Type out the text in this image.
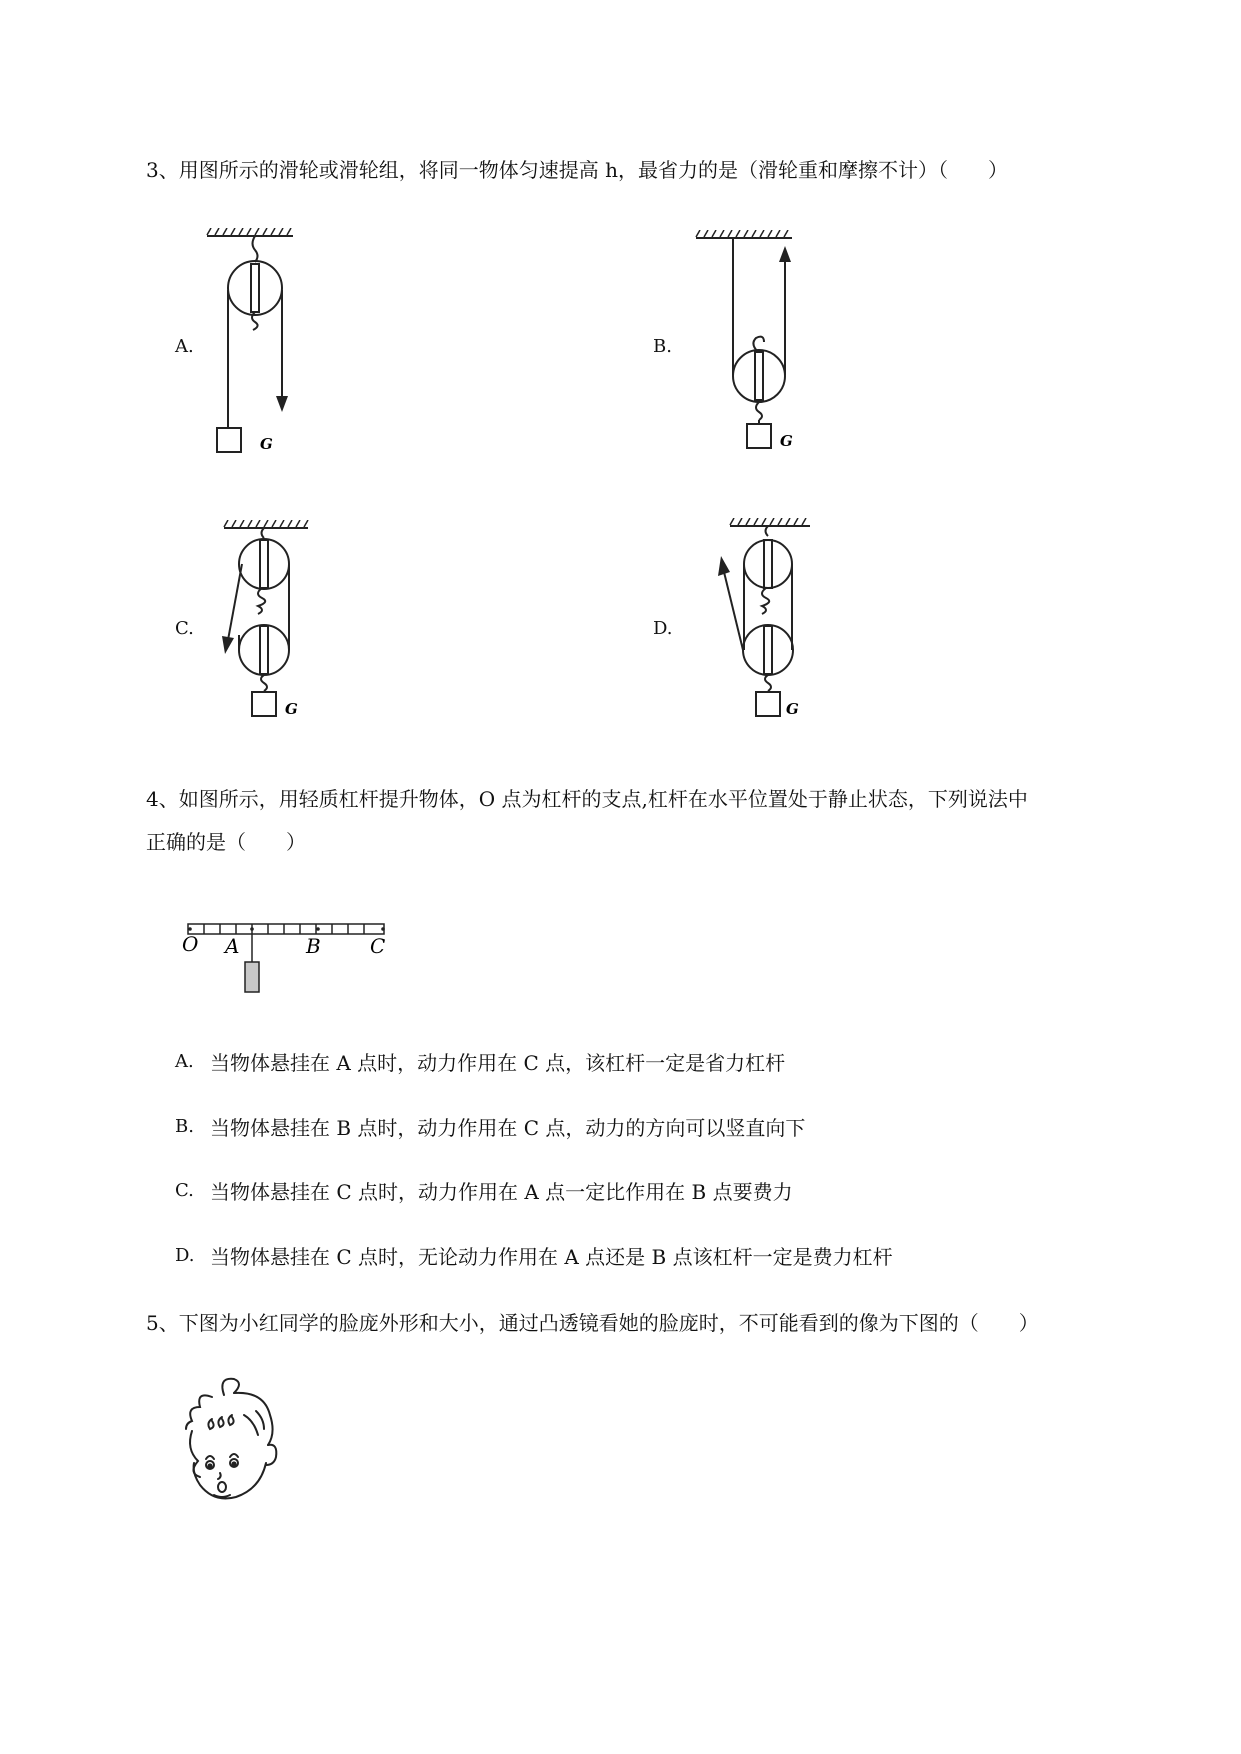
3、用图所示的滑轮或滑轮组，将同一物体匀速提高 h，最省力的是（滑轮重和摩擦不计）（　　）
A.
G
B.
G
C.
G
D.
G
4、如图所示，用轻质杠杆提升物体，O 点为杠杆的支点,杠杆在水平位置处于静止状态，下列说法中
正确的是（　　）
O A	B C
A. 当物体悬挂在 A 点时，动力作用在 C 点，该杠杆一定是省力杠杆
B. 当物体悬挂在 B 点时，动力作用在 C 点，动力的方向可以竖直向下
C. 当物体悬挂在 C 点时，动力作用在 A 点一定比作用在 B 点要费力
D. 当物体悬挂在 C 点时，无论动力作用在 A 点还是 B 点该杠杆一定是费力杠杆
5、下图为小红同学的脸庞外形和大小，通过凸透镜看她的脸庞时，不可能看到的像为下图的（　　）
